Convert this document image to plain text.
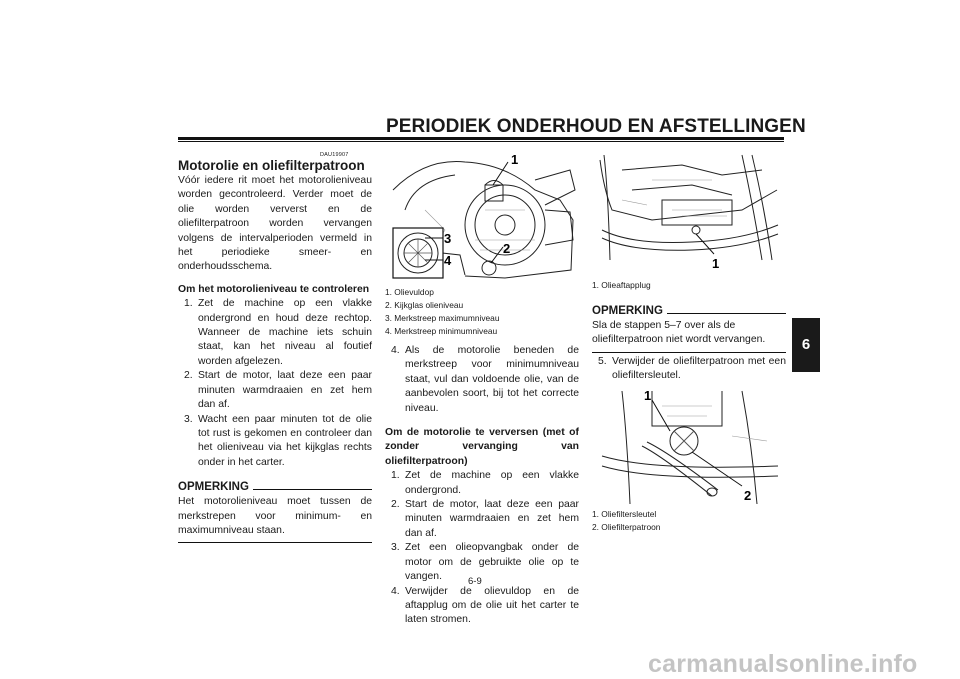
PERIODIEK ONDERHOUD EN AFSTELLINGEN
6
DAU19907
Motorolie en oliefilterpatroon

Vóór iedere rit moet het motorolieniveau worden gecontroleerd. Verder moet de olie worden ververst en de oliefilterpatroon worden vervangen volgens de intervalperioden vermeld in het periodieke smeer- en onderhoudsschema.

Om het motorolieniveau te controleren

1. Zet de machine op een vlakke ondergrond en houd deze rechtop. Wanneer de machine iets schuin staat, kan het niveau al foutief worden afgelezen.
2. Start de motor, laat deze een paar minuten warmdraaien en zet hem dan af.
3. Wacht een paar minuten tot de olie tot rust is gekomen en controleer dan het olieniveau via het kijkglas rechts onder in het carter.
OPMERKING

Het motorolieniveau moet tussen de merkstrepen voor minimum- en maximumniveau staan.

1
2
3
4
1. Olievuldop
2. Kijkglas olieniveau
3. Merkstreep maximumniveau
4. Merkstreep minimumniveau
4. Als de motorolie beneden de merkstreep voor minimumniveau staat, vul dan voldoende olie, van de aanbevolen soort, bij tot het correcte niveau.

Om de motorolie te verversen (met of zonder vervanging van oliefilterpatroon)

1. Zet de machine op een vlakke ondergrond.
2. Start de motor, laat deze een paar minuten warmdraaien en zet hem dan af.
3. Zet een olieopvangbak onder de motor om de gebruikte olie op te vangen.
4. Verwijder de olievuldop en de aftapplug om de olie uit het carter te laten stromen.
1
1. Olieaftapplug
OPMERKING

Sla de stappen 5–7 over als de oliefilterpatroon niet wordt vervangen.

5. Verwijder de oliefilterpatroon met een oliefiltersleutel.
1
2
1. Oliefiltersleutel
2. Oliefilterpatroon
6-9
carmanualsonline.info
